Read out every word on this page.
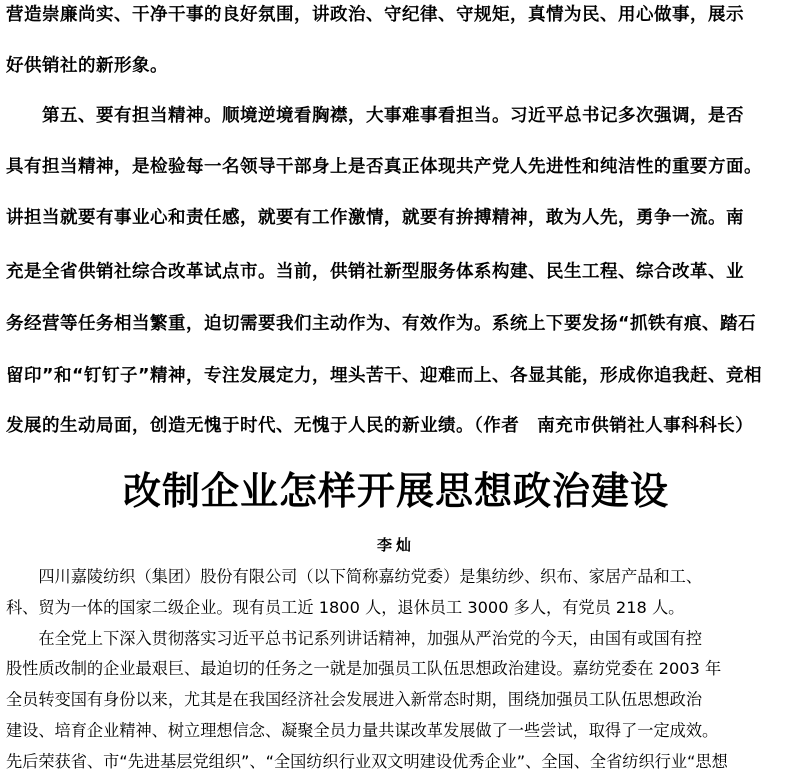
营造崇廉尚实、干净干事的良好氛围，讲政治、守纪律、守规矩，真情为民、用心做事，展示
好供销社的新形象。
　　第五、要有担当精神。顺境逆境看胸襟，大事难事看担当。习近平总书记多次强调，是否
具有担当精神，是检验每一名领导干部身上是否真正体现共产党人先进性和纯洁性的重要方面。
讲担当就要有事业心和责任感，就要有工作激情，就要有拚搏精神，敢为人先，勇争一流。南
充是全省供销社综合改革试点市。当前，供销社新型服务体系构建、民生工程、综合改革、业
务经营等任务相当繁重，迫切需要我们主动作为、有效作为。系统上下要发扬“抓铁有痕、踏石
留印”和“钉钉子”精神，专注发展定力，埋头苦干、迎难而上、各显其能，形成你追我赶、竞相
发展的生动局面，创造无愧于时代、无愧于人民的新业绩。（作者　南充市供销社人事科科长）
改制企业怎样开展思想政治建设
李灿
　　四川嘉陵纺织（集团）股份有限公司（以下简称嘉纺党委）是集纺纱、织布、家居产品和工、
科、贸为一体的国家二级企业。现有员工近 1800 人，退休员工 3000 多人，有党员 218 人。
　　在全党上下深入贯彻落实习近平总书记系列讲话精神，加强从严治党的今天，由国有或国有控
股性质改制的企业最艰巨、最迫切的任务之一就是加强员工队伍思想政治建设。嘉纺党委在 2003 年
全员转变国有身份以来，尤其是在我国经济社会发展进入新常态时期，围绕加强员工队伍思想政治
建设、培育企业精神、树立理想信念、凝聚全员力量共谋改革发展做了一些尝试，取得了一定成效。
先后荣获省、市“先进基层党组织”、“全国纺织行业双文明建设优秀企业”、全国、全省纺织行业“思想
